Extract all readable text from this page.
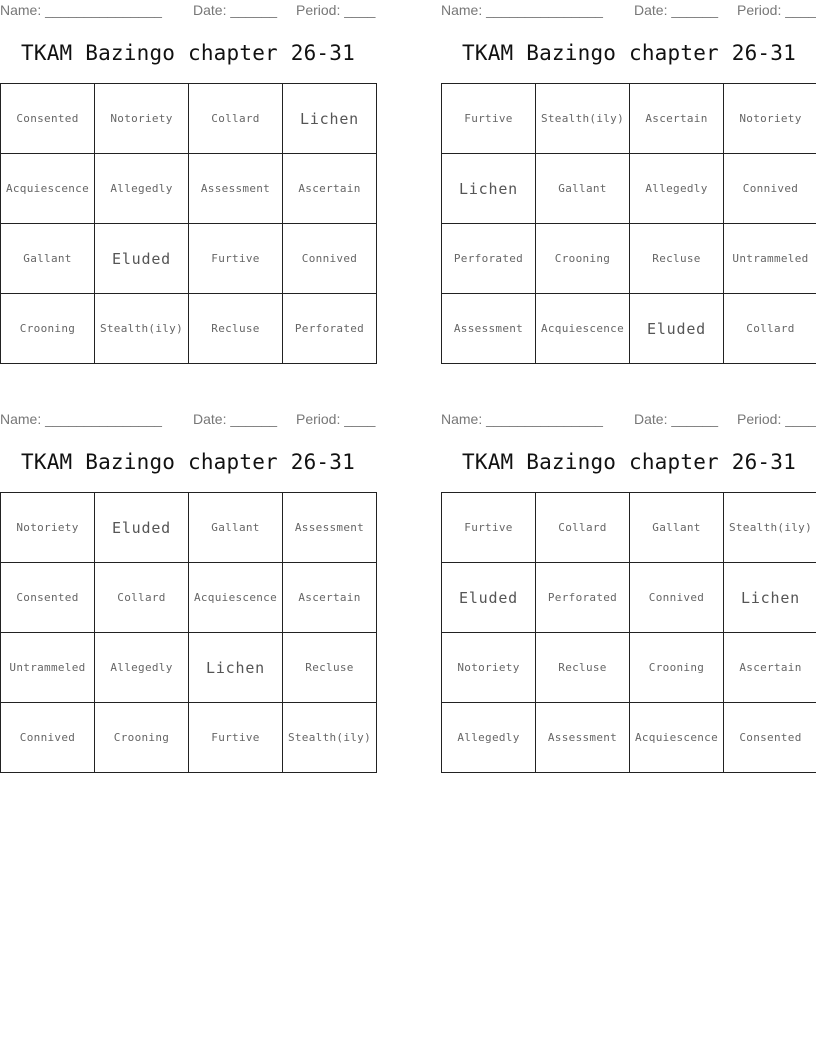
Name: _______________ Date: ______ Period: ____
TKAM Bazingo chapter 26-31
Consented	Notoriety	Collard	Lichen
Acquiescence	Allegedly	Assessment	Ascertain
Gallant	Eluded	Furtive	Connived
Crooning	Stealth(ily)	Recluse	Perforated
Name: _______________ Date: ______ Period: ____
TKAM Bazingo chapter 26-31
Furtive	Stealth(ily)	Ascertain	Notoriety
Lichen	Gallant	Allegedly	Connived
Perforated	Crooning	Recluse	Untrammeled
Assessment	Acquiescence	Eluded	Collard
Name: _______________ Date: ______ Period: ____
TKAM Bazingo chapter 26-31
Notoriety	Eluded	Gallant	Assessment
Consented	Collard	Acquiescence	Ascertain
Untrammeled	Allegedly	Lichen	Recluse
Connived	Crooning	Furtive	Stealth(ily)
Name: _______________ Date: ______ Period: ____
TKAM Bazingo chapter 26-31
Furtive	Collard	Gallant	Stealth(ily)
Eluded	Perforated	Connived	Lichen
Notoriety	Recluse	Crooning	Ascertain
Allegedly	Assessment	Acquiescence	Consented
